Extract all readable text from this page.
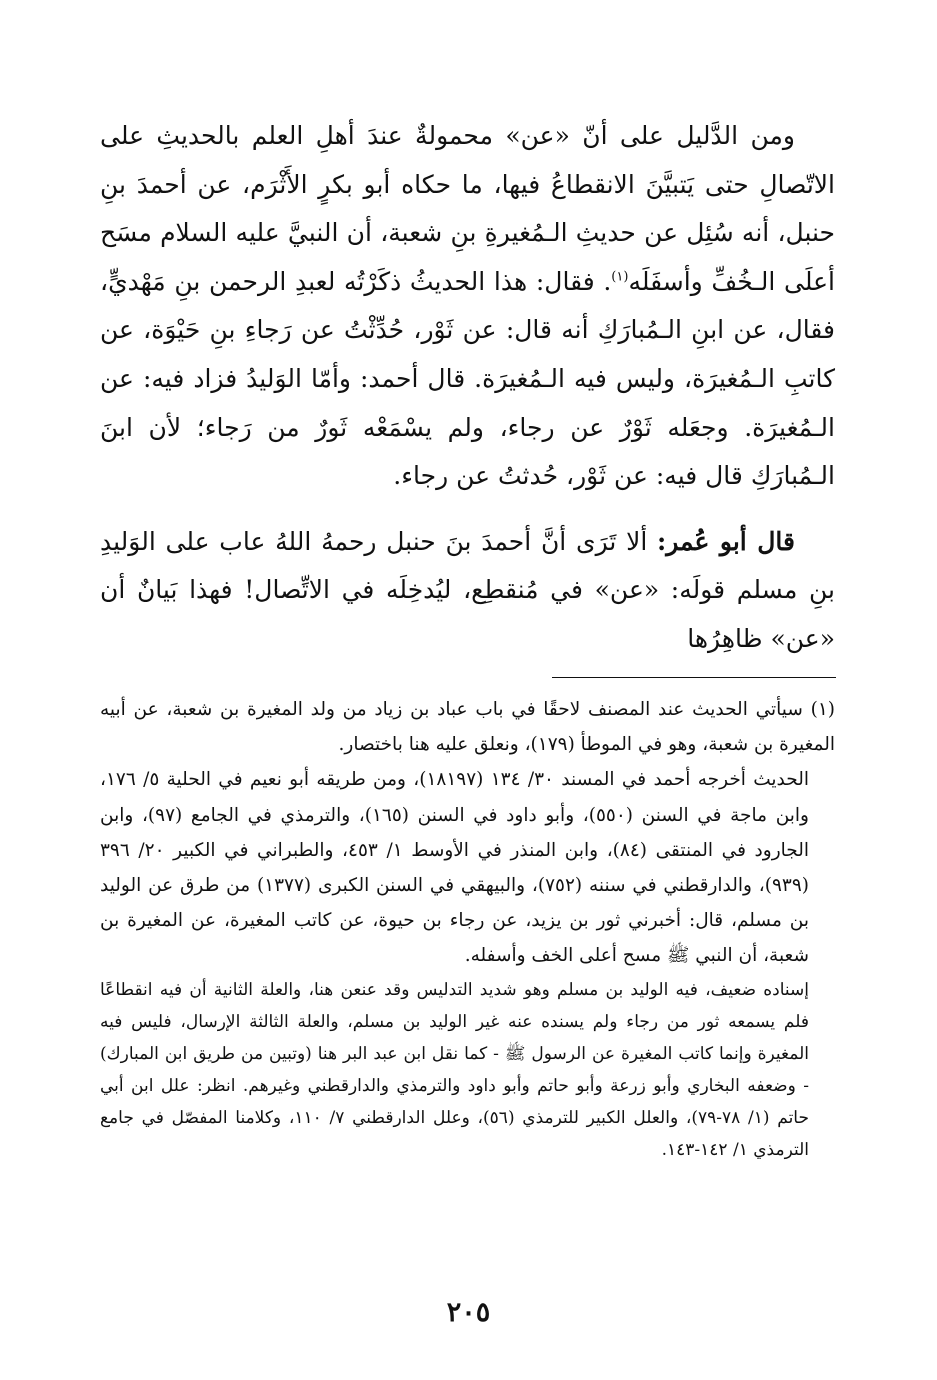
ومن الدَّليل على أنّ «عن» محمولةٌ عندَ أهلِ العلم بالحديثِ على الاتّصالِ حتى يَتبيَّنَ الانقطاعُ فيها، ما حكاه أبو بكرٍ الأَثْرَم، عن أحمدَ بنِ حنبل، أنه سُئِل عن حديثِ الـمُغيرةِ بنِ شعبة، أن النبيَّ عليه السلام مسَح أعلَى الـخُفِّ وأسفَلَه$^{(١)}$. فقال: هذا الحديثُ ذكَرْتُه لعبدِ الرحمن بنِ مَهْديٍّ، فقال، عن ابنِ الـمُبارَكِ أنه قال: عن ثَوْر، حُدِّثْتُ عن رَجاءِ بنِ حَيْوَة، عن كاتبِ الـمُغيرَة، وليس فيه الـمُغيرَة. قال أحمد: وأمّا الوَليدُ فزاد فيه: عن الـمُغيرَة. وجعَله ثَوْرٌ عن رجاء، ولم يسْمَعْه ثَورٌ من رَجاء؛ لأن ابنَ الـمُبارَكِ قال فيه: عن ثَوْر، حُدثتُ عن رجاء.

قال أبو عُمر: ألا تَرَى أنَّ أحمدَ بنَ حنبل رحمهُ اللهُ عاب على الوَليدِ بنِ مسلم قولَه: «عن» في مُنقطِع، ليُدخِلَه في الاتِّصال! فهذا بَيانٌ أن «عن» ظاهِرُها

(١) سيأتي الحديث عند المصنف لاحقًا في باب عباد بن زياد من ولد المغيرة بن شعبة، عن أبيه المغيرة بن شعبة، وهو في الموطأ (١٧٩)، ونعلق عليه هنا باختصار.

الحديث أخرجه أحمد في المسند ٣٠/ ١٣٤ (١٨١٩٧)، ومن طريقه أبو نعيم في الحلية ٥/ ١٧٦، وابن ماجة في السنن (٥٥٠)، وأبو داود في السنن (١٦٥)، والترمذي في الجامع (٩٧)، وابن الجارود في المنتقى (٨٤)، وابن المنذر في الأوسط ١/ ٤٥٣، والطبراني في الكبير ٢٠/ ٣٩٦ (٩٣٩)، والدارقطني في سننه (٧٥٢)، والبيهقي في السنن الكبرى (١٣٧٧) من طرق عن الوليد بن مسلم، قال: أخبرني ثور بن يزيد، عن رجاء بن حيوة، عن كاتب المغيرة، عن المغيرة بن شعبة، أن النبي ﷺ مسح أعلى الخف وأسفله.

إسناده ضعيف، فيه الوليد بن مسلم وهو شديد التدليس وقد عنعن هنا، والعلة الثانية أن فيه انقطاعًا فلم يسمعه ثور من رجاء ولم يسنده عنه غير الوليد بن مسلم، والعلة الثالثة الإرسال، فليس فيه المغيرة وإنما كاتب المغيرة عن الرسول ﷺ - كما نقل ابن عبد البر هنا (وتبين من طريق ابن المبارك) - وضعفه البخاري وأبو زرعة وأبو حاتم وأبو داود والترمذي والدارقطني وغيرهم. انظر: علل ابن أبي حاتم (١/ ٧٨-٧٩)، والعلل الكبير للترمذي (٥٦)، وعلل الدارقطني ٧/ ١١٠، وكلامنا المفصّل في جامع الترمذي ١/ ١٤٢-١٤٣.

٢٠٥
